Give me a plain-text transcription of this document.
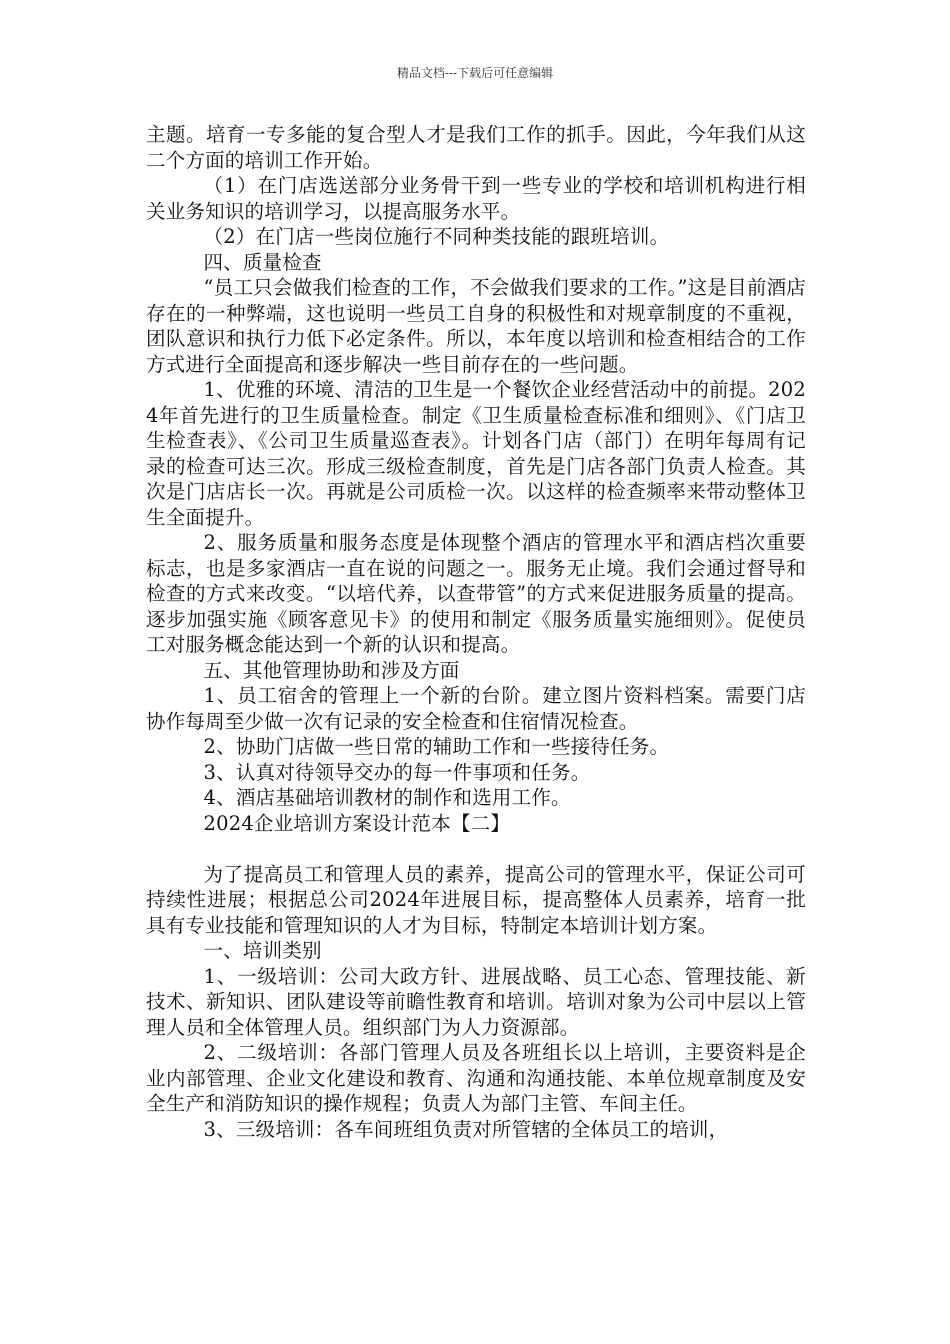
精品文档---下载后可任意编辑

主题。培育一专多能的复合型人才是我们工作的抓手。因此，今年我们从这二个方面的培训工作开始。

（1）在门店选送部分业务骨干到一些专业的学校和培训机构进行相关业务知识的培训学习，以提高服务水平。

（2）在门店一些岗位施行不同种类技能的跟班培训。

四、质量检查

“员工只会做我们检查的工作，不会做我们要求的工作。”这是目前酒店存在的一种弊端，这也说明一些员工自身的积极性和对规章制度的不重视，团队意识和执行力低下必定条件。所以，本年度以培训和检查相结合的工作方式进行全面提高和逐步解决一些目前存在的一些问题。

1、优雅的环境、清洁的卫生是一个餐饮企业经营活动中的前提。2024年首先进行的卫生质量检查。制定《卫生质量检查标准和细则》、《门店卫生检查表》、《公司卫生质量巡查表》。计划各门店（部门）在明年每周有记录的检查可达三次。形成三级检查制度，首先是门店各部门负责人检查。其次是门店店长一次。再就是公司质检一次。以这样的检查频率来带动整体卫生全面提升。

2、服务质量和服务态度是体现整个酒店的管理水平和酒店档次重要标志，也是多家酒店一直在说的问题之一。服务无止境。我们会通过督导和检查的方式来改变。“以培代养，以查带管”的方式来促进服务质量的提高。逐步加强实施《顾客意见卡》的使用和制定《服务质量实施细则》。促使员工对服务概念能达到一个新的认识和提高。

五、其他管理协助和涉及方面

1、员工宿舍的管理上一个新的台阶。建立图片资料档案。需要门店协作每周至少做一次有记录的安全检查和住宿情况检查。

2、协助门店做一些日常的辅助工作和一些接待任务。

3、认真对待领导交办的每一件事项和任务。

4、酒店基础培训教材的制作和选用工作。

2024企业培训方案设计范本【二】

为了提高员工和管理人员的素养，提高公司的管理水平，保证公司可持续性进展；根据总公司2024年进展目标，提高整体人员素养，培育一批具有专业技能和管理知识的人才为目标，特制定本培训计划方案。

一、培训类别

1、一级培训：公司大政方针、进展战略、员工心态、管理技能、新技术、新知识、团队建设等前瞻性教育和培训。培训对象为公司中层以上管理人员和全体管理人员。组织部门为人力资源部。

2、二级培训：各部门管理人员及各班组长以上培训，主要资料是企业内部管理、企业文化建设和教育、沟通和沟通技能、本单位规章制度及安全生产和消防知识的操作规程；负责人为部门主管、车间主任。

3、三级培训：各车间班组负责对所管辖的全体员工的培训，
